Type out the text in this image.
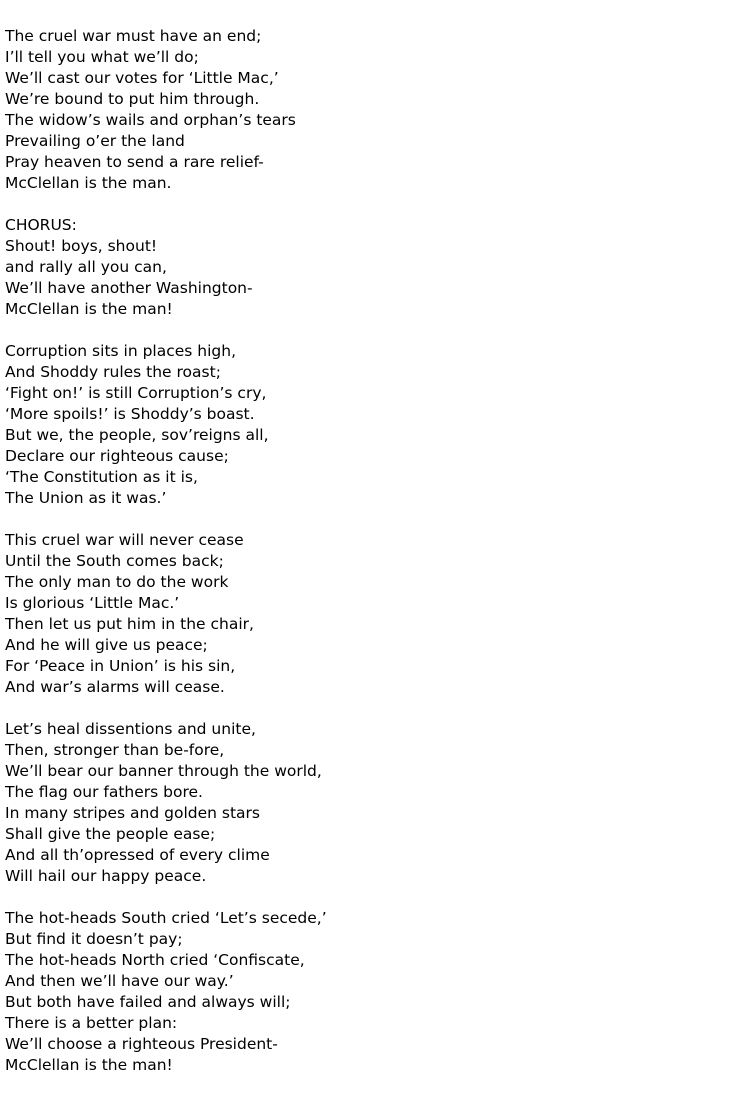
The cruel war must have an end;
I’ll tell you what we’ll do;
We’ll cast our votes for ‘Little Mac,’
We’re bound to put him through.
The widow’s wails and orphan’s tears
Prevailing o’er the land
Pray heaven to send a rare relief-
McClellan is the man.
CHORUS:
Shout! boys, shout!
and rally all you can,
We’ll have another Washington-
McClellan is the man!
Corruption sits in places high,
And Shoddy rules the roast;
‘Fight on!’ is still Corruption’s cry,
‘More spoils!’ is Shoddy’s boast.
But we, the people, sov’reigns all,
Declare our righteous cause;
‘The Constitution as it is,
The Union as it was.’
This cruel war will never cease
Until the South comes back;
The only man to do the work
Is glorious ‘Little Mac.’
Then let us put him in the chair,
And he will give us peace;
For ‘Peace in Union’ is his sin,
And war’s alarms will cease.
Let’s heal dissentions and unite,
Then, stronger than be-fore,
We’ll bear our banner through the world,
The flag our fathers bore.
In many stripes and golden stars
Shall give the people ease;
And all th’opressed of every clime
Will hail our happy peace.
The hot-heads South cried ‘Let’s secede,’
But find it doesn’t pay;
The hot-heads North cried ‘Confiscate,
And then we’ll have our way.’
But both have failed and always will;
There is a better plan:
We’ll choose a righteous President-
McClellan is the man!
